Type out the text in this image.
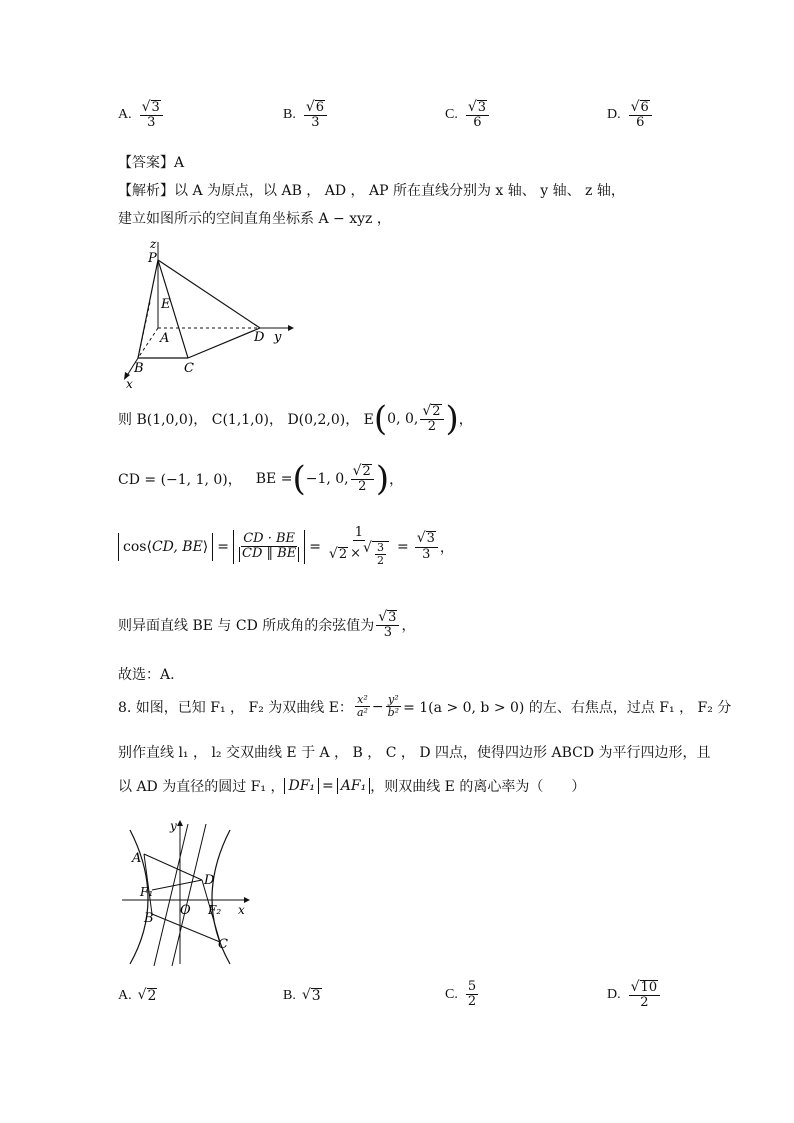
A. $\frac{√ 3}{3}$	B. $\frac{√ 6}{3}$	C. $\frac{√ 3}{6}$	D. $\frac{√ 6}{6}$
【答案】A
【解析】以 A 为原点，以 AB ， AD ， AP 所在直线分别为 x 轴、 y 轴、 z 轴，
建立如图所示的空间直角坐标系 A − xyz ，
z
P
E
A	D y
B	C
x
则 B(1,0,0)， C(1,1,0)， D(0,2,0)， E ( 0, 0, $\frac{√ 2}{2}$ ) ，
CD = (−1, 1, 0)， BE = ( −1, 0, $\frac{√ 2}{2}$ ) ，
cos⟨CD, BE⟩ = $\frac{CD \cdot BE}{CD ‖ BE} = \frac{1}{√ 2 \times √ \frac{3}{2}} = \frac{√ 3}{3}$ ，
则异面直线 BE 与 CD 所成角的余弦值为 $\frac{√ 3}{3}$ ，
故选：A.
8. 如图，已知 F₁ ， F₂ 为双曲线 E： $\frac{\text{x²}}{\text{a²}} - \frac{\text{y²}}{\text{b²}} = 1(a > 0$, b > 0) 的左、右焦点，过点 F₁ ， F₂ 分
别作直线 l₁ ， l₂ 交双曲线 E 于 A ， B ， C ， D 四点，使得四边形 ABCD 为平行四边形，且
以 AD 为直径的圆过 F₁ ， DF₁ = AF₁ ，则双曲线 E 的离心率为（　　）
y
A
D
F₁
O F₂ x
B
C
A. √ 2	B. √ 3	C. $\frac{5}{2}$	D. $\frac{√ 10}{2}$
